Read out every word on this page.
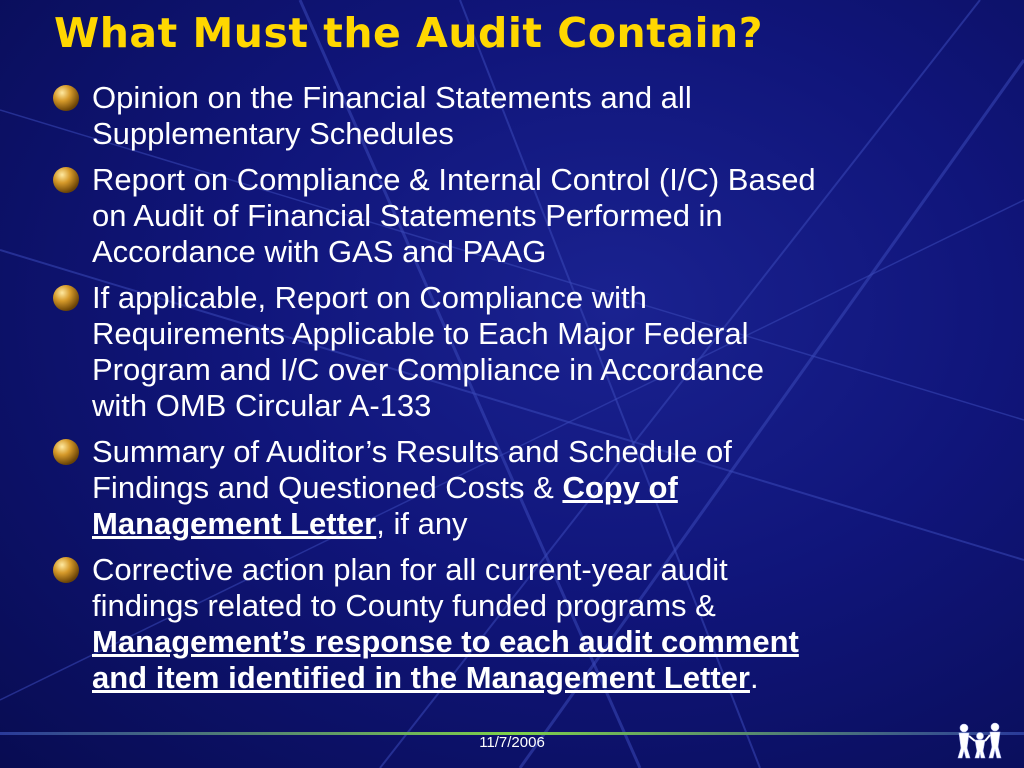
What Must the Audit Contain?
Opinion on the Financial Statements and all
Supplementary Schedules
Report on Compliance & Internal Control (I/C) Based
on Audit of Financial Statements Performed in
Accordance with GAS and PAAG
If applicable, Report on Compliance with
Requirements Applicable to Each Major Federal
Program and I/C over Compliance in Accordance
with OMB Circular A-133
Summary of Auditor’s Results and Schedule of
Findings and Questioned Costs & Copy of
Management Letter, if any
Corrective action plan for all current-year audit
findings related to County funded programs &
Management’s response to each audit comment
and item identified in the Management Letter.
11/7/2006
